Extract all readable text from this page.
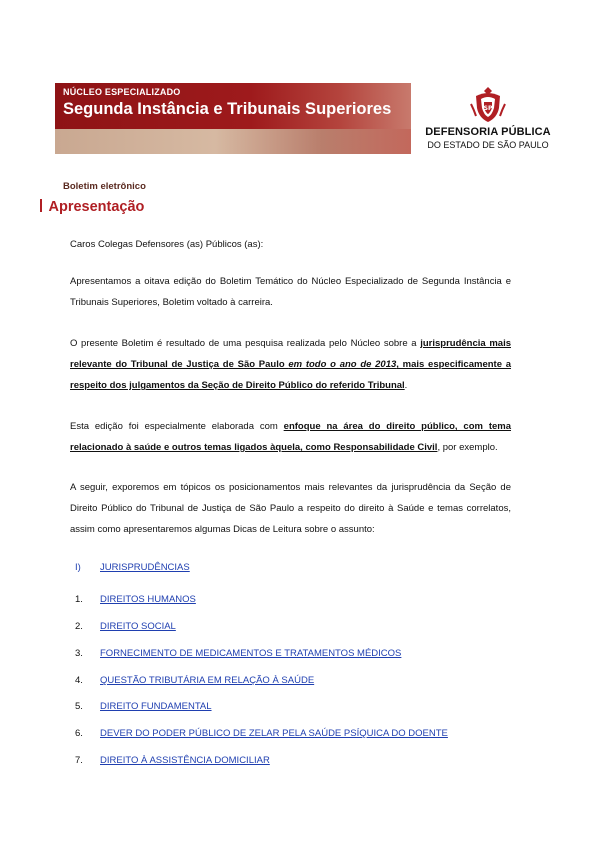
NÚCLEO ESPECIALIZADO
Segunda Instância e Tribunais Superiores
Boletim eletrônico
SP
DEFENSORIA PÚBLICA
DO ESTADO DE SÃO PAULO
Apresentação
Caros Colegas Defensores (as) Públicos (as):
Apresentamos a oitava edição do Boletim Temático do Núcleo Especializado de Segunda Instância e Tribunais Superiores, Boletim voltado à carreira.
O presente Boletim é resultado de uma pesquisa realizada pelo Núcleo sobre a jurisprudência mais relevante do Tribunal de Justiça de São Paulo em todo o ano de 2013, mais especificamente a respeito dos julgamentos da Seção de Direito Público do referido Tribunal.
Esta edição foi especialmente elaborada com enfoque na área do direito público, com tema relacionado à saúde e outros temas ligados àquela, como Responsabilidade Civil, por exemplo.
A seguir, exporemos em tópicos os posicionamentos mais relevantes da jurisprudência da Seção de Direito Público do Tribunal de Justiça de São Paulo a respeito do direito à Saúde e temas correlatos, assim como apresentaremos algumas Dicas de Leitura sobre o assunto:
I) JURISPRUDÊNCIAS
1. DIREITOS HUMANOS
2. DIREITO SOCIAL
3. FORNECIMENTO DE MEDICAMENTOS E TRATAMENTOS MÉDICOS
4. QUESTÃO TRIBUTÁRIA EM RELAÇÃO À SAÚDE
5. DIREITO FUNDAMENTAL
6. DEVER DO PODER PÚBLICO DE ZELAR PELA SAÚDE PSÍQUICA DO DOENTE
7. DIREITO À ASSISTÊNCIA DOMICILIAR
